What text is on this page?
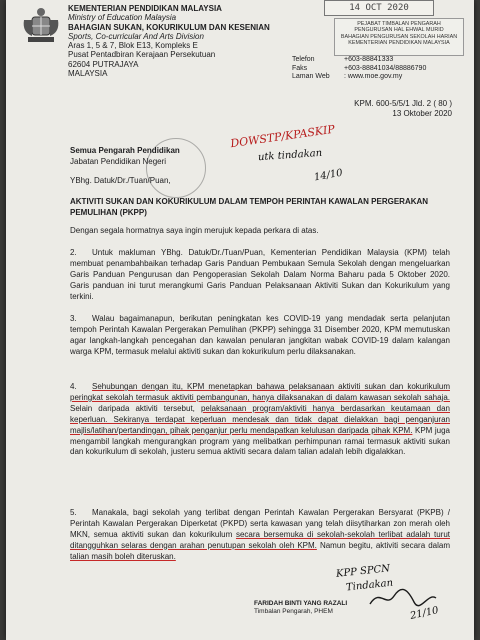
KEMENTERIAN PENDIDIKAN MALAYSIA
Ministry of Education Malaysia
BAHAGIAN SUKAN, KOKURIKULUM DAN KESENIAN
Sports, Co-curricular And Arts Division
Aras 1, 5 & 7, Blok E13, Kompleks E
Pusat Pentadbiran Kerajaan Persekutuan
62604 PUTRAJAYA
MALAYSIA
14 OCT 2020
Telefon	+603-88841333
Faks	+603-88841034/88886790
Laman Web	: www.moe.gov.my
PEJABAT TIMBALAN PENGARAH
PENGURUSAN HAL EHWAL MURID
BAHAGIAN PENGURUSAN SEKOLAH HARIAN
KEMENTERIAN PENDIDIKAN MALAYSIA
KPM. 600-5/5/1 Jld. 2 ( 80 )
13 Oktober 2020
Semua Pengarah Pendidikan
Jabatan Pendidikan Negeri
DOWSTP/KPASKIP
utk tindakan
14/10
YBhg. Datuk/Dr./Tuan/Puan,
AKTIVITI SUKAN DAN KOKURIKULUM DALAM TEMPOH PERINTAH KAWALAN PERGERAKAN PEMULIHAN (PKPP)
Dengan segala hormatnya saya ingin merujuk kepada perkara di atas.
2. Untuk makluman YBhg. Datuk/Dr./Tuan/Puan, Kementerian Pendidikan Malaysia (KPM) telah membuat penambahbaikan terhadap Garis Panduan Pembukaan Semula Sekolah dengan mengeluarkan Garis Panduan Pengurusan dan Pengoperasian Sekolah Dalam Norma Baharu pada 5 Oktober 2020. Garis panduan ini turut merangkumi Garis Panduan Pelaksanaan Aktiviti Sukan dan Kokurikulum yang terkini.
3. Walau bagaimanapun, berikutan peningkatan kes COVID-19 yang mendadak serta pelanjutan tempoh Perintah Kawalan Pergerakan Pemulihan (PKPP) sehingga 31 Disember 2020, KPM memutuskan agar langkah-langkah pencegahan dan kawalan penularan jangkitan wabak COVID-19 dalam kalangan warga KPM, termasuk melalui aktiviti sukan dan kokurikulum perlu dilaksanakan.
4. Sehubungan dengan itu, KPM menetapkan bahawa pelaksanaan aktiviti sukan dan kokurikulum peringkat sekolah termasuk aktiviti pembangunan, hanya dilaksanakan di dalam kawasan sekolah sahaja. Selain daripada aktiviti tersebut, pelaksanaan program/aktiviti hanya berdasarkan keutamaan dan keperluan. Sekiranya terdapat keperluan mendesak dan tidak dapat dielakkan bagi penganjuran majlis/latihan/pertandingan, pihak penganjur perlu mendapatkan kelulusan daripada pihak KPM. KPM juga mengambil langkah mengurangkan program yang melibatkan perhimpunan ramai termasuk aktiviti sukan dan kokurikulum di sekolah, justeru semua aktiviti secara dalam talian adalah lebih digalakkan.
5. Manakala, bagi sekolah yang terlibat dengan Perintah Kawalan Pergerakan Bersyarat (PKPB) / Perintah Kawalan Pergerakan Diperketat (PKPD) serta kawasan yang telah diisytiharkan zon merah oleh MKN, semua aktiviti sukan dan kokurikulum secara bersemuka di sekolah-sekolah terlibat adalah turut ditangguhkan selaras dengan arahan penutupan sekolah oleh KPM. Namun begitu, aktiviti secara dalam talian masih boleh diteruskan.
KPP SPCN
Tindakan
21/10
FARIDAH BINTI YANG RAZALI
Timbalan Pengarah, PHEM
